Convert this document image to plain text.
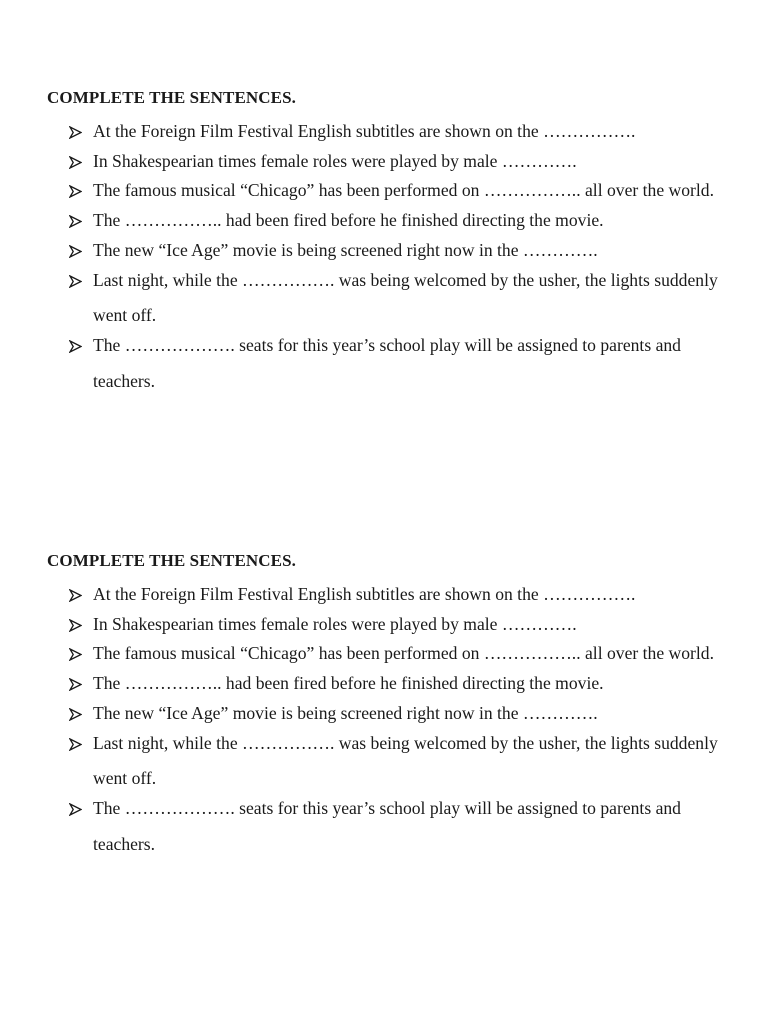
COMPLETE THE SENTENCES.
At the Foreign Film Festival English subtitles are shown on the …………….
In Shakespearian times female roles were played by male ………….
The famous musical “Chicago” has been performed on …………….. all over the world.
The …………….. had been fired before he finished directing the movie.
The new “Ice Age” movie is being screened right now in the ………….
Last night, while the ……………. was being welcomed by the usher, the lights suddenly went off.
The ………………. seats for this year’s school play will be assigned to parents and teachers.
COMPLETE THE SENTENCES.
At the Foreign Film Festival English subtitles are shown on the …………….
In Shakespearian times female roles were played by male ………….
The famous musical “Chicago” has been performed on …………….. all over the world.
The …………….. had been fired before he finished directing the movie.
The new “Ice Age” movie is being screened right now in the ………….
Last night, while the ……………. was being welcomed by the usher, the lights suddenly went off.
The ………………. seats for this year’s school play will be assigned to parents and teachers.
